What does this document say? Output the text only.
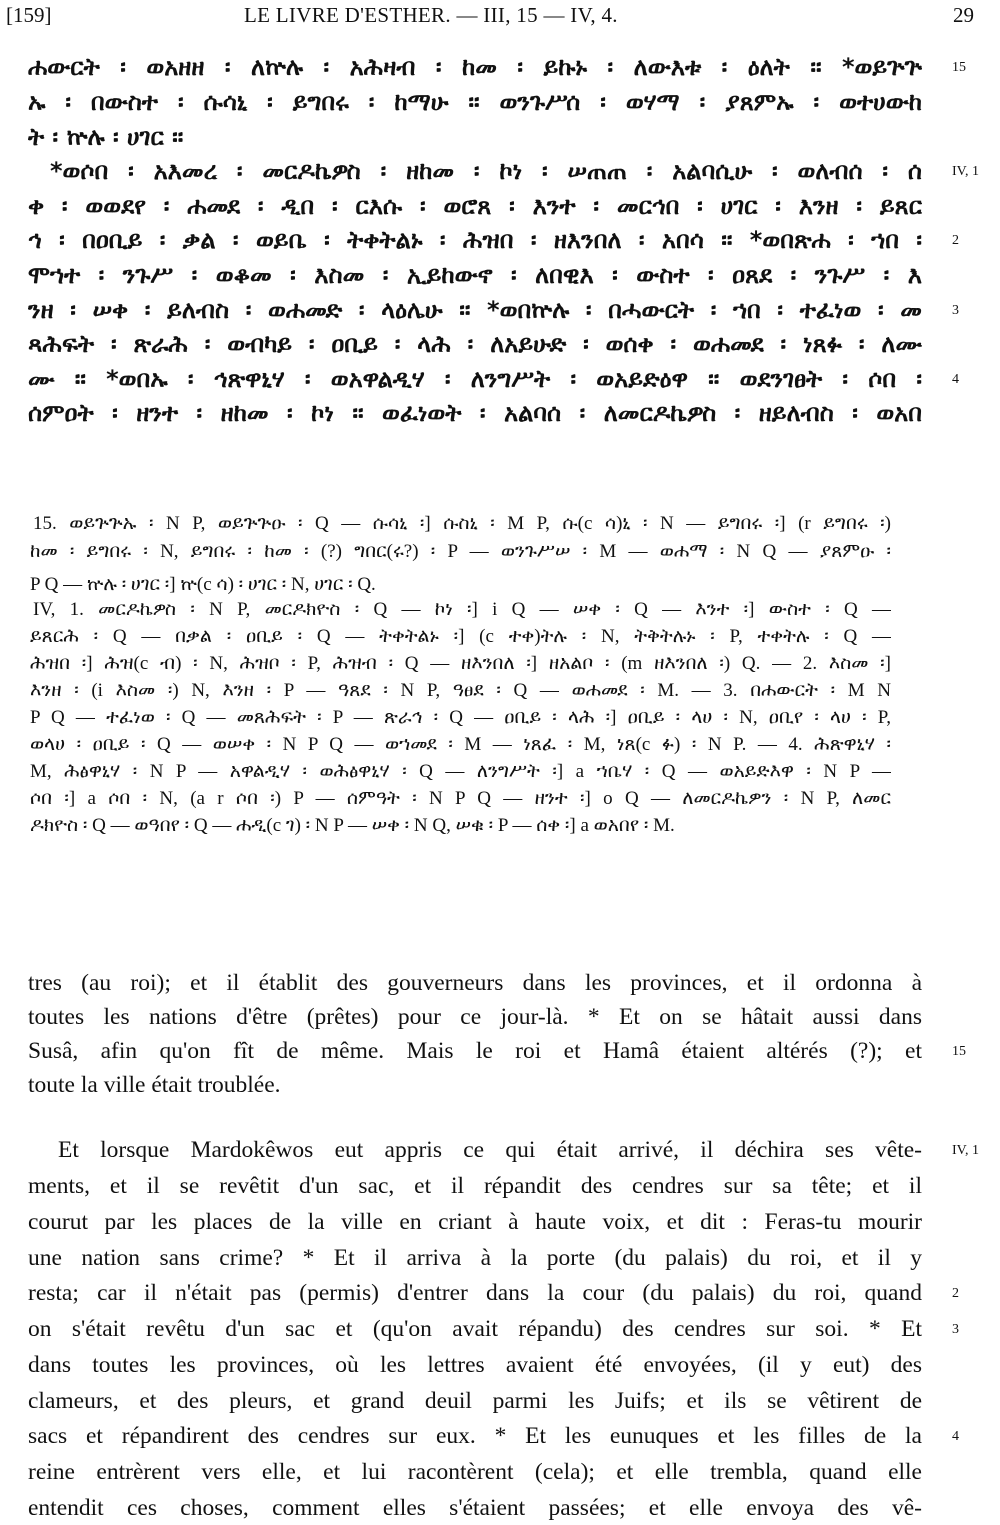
[159]	LE LIVRE D'ESTHER. — III, 15 — IV, 4.	29
ሐውርት ፡ ወአዘዘ ፡ ለኵሉ ፡ አሕዛብ ፡ ከመ ፡ ይኩኑ ፡ ለውእቱ ፡ ዕለት ። *ወይጕጕ
ኡ ፡ በውስተ ፡ ሱሳኒ ፡ ይግበሩ ፡ ከማሁ ። ወንጉሥሰ ፡ ወሃማ ፡ ያጸምኡ ፡ ወተሀውከ
ት ፡ ኵሉ ፡ ሀገር ።
*ወሶበ ፡ አእመረ ፡ መርዶኬዎስ ፡ ዘከመ ፡ ኮነ ፡ ሠጠጠ ፡ አልባሲሁ ፡ ወለብሰ ፡ ሰ
ቀ ፡ ወወደየ ፡ ሐመደ ፡ ዲበ ፡ ርእሱ ፡ ወሮጸ ፡ እንተ ፡ መርኅበ ፡ ሀገር ፡ እንዘ ፡ ይጸር
ኅ ፡ በዐቢይ ፡ ቃል ፡ ወይቤ ፡ ትቀትልኑ ፡ ሕዝበ ፡ ዘእንበለ ፡ አበሳ ። *ወበጽሐ ፡ ኀበ ፡
ሞኀተ ፡ ንጉሥ ፡ ወቆመ ፡ እስመ ፡ ኢይከውኖ ፡ ለበዊእ ፡ ውስተ ፡ ዐጸደ ፡ ንጉሥ ፡ እ
ንዘ ፡ ሠቀ ፡ ይለብስ ፡ ወሐመድ ፡ ላዕሌሁ ። *ወበኵሉ ፡ በሓውርት ፡ ኀበ ፡ ተፈነወ ፡ መ
ጻሕፍት ፡ ጽራሕ ፡ ወብካይ ፡ ዐቢይ ፡ ላሕ ፡ ለአይሁድ ፡ ወሰቀ ፡ ወሐመደ ፡ ነጸፉ ፡ ለሙ
ሙ ። *ወበኡ ፡ ኅጽዋኒሃ ፡ ወአዋልዲሃ ፡ ለንግሥት ፡ ወአይድዕዋ ። ወደንገፀት ፡ ሶበ ፡
ሰምዐት ፡ ዘንተ ፡ ዘከመ ፡ ኮነ ። ወፈነወት ፡ አልባሰ ፡ ለመርዶኬዎስ ፡ ዘይለብስ ፡ ወአበ
15
IV, 1
2
3
4
15. ወይጕጕኡ ፡ N P, ወይጕጕዑ ፡ Q — ሱሳኒ ፡] ሱስኒ ፡ M P, ሱ(c ሳ)ኒ ፡ N — ይግበሩ ፡] (r ይግበሩ ፡)
ከመ ፡ ይግበሩ ፡ N, ይግበሩ ፡ ከመ ፡ (?) ግበር(ሩ?) ፡ P — ወንጉሥሠ ፡ M — ወሐማ ፡ N Q — ያጸምዑ ፡
P Q — ኵሉ ፡ ሀገር ፡] ኵ(c ሳ) ፡ ሀገር ፡ N, ሀገር ፡ Q.
IV, 1. መርዶኬዎስ ፡ N P, መርዶክዮስ ፡ Q — ኮነ ፡] i Q — ሠቀ ፡ Q — እንተ ፡] ውስተ ፡ Q —
ይጸርሕ ፡ Q — በቃል ፡ ዐቢይ ፡ Q — ትቀትልኑ ፡] (c ተቀ)ትሉ ፡ N, ትቅትሉኑ ፡ P, ተቀትሉ ፡ Q —
ሕዝበ ፡] ሕዝ(c ብ) ፡ N, ሕዝቦ ፡ P, ሕዝብ ፡ Q — ዘእንበለ ፡] ዘአልቦ ፡ (m ዘእንበለ ፡) Q. — 2. እስመ ፡]
እንዘ ፡ (i እስመ ፡) N, እንዘ ፡ P — ዓጸደ ፡ N P, ዓፀደ ፡ Q — ወሐመደ ፡ M. — 3. በሐውርት ፡ M N
P Q — ተፈነወ ፡ Q — መጸሕፍት ፡ P — ጽራኅ ፡ Q — ዐቢይ ፡ ላሕ ፡] ዐቢይ ፡ ላሀ ፡ N, ዐቢየ ፡ ላሀ ፡ P,
ወላሀ ፡ ዐቢይ ፡ Q — ወሠቀ ፡ N P Q — ወኀመደ ፡ M — ነጸፈ ፡ M, ነጸ(c ፉ) ፡ N P. — 4. ሕጽዋኒሃ ፡
M, ሕፅዋኒሃ ፡ N P — አዋልዲሃ ፡ ወሕፅዋኒሃ ፡ Q — ለንግሥት ፡] a ኀቤሃ ፡ Q — ወአይድእዋ ፡ N P —
ሶበ ፡] a ሶበ ፡ N, (a r ሶበ ፡) P — ሰምዓት ፡ N P Q — ዘንተ ፡] o Q — ለመርዶኬዎን ፡ N P, ለመር
ዶክዮስ ፡ Q — ወዓበየ ፡ Q — ሐዲ(c ገ) ፡ N P — ሠቀ ፡ N Q, ሠቁ ፡ P — ሰቀ ፡] a ወአበየ ፡ M.
tres (au roi); et il établit des gouverneurs dans les provinces, et il ordonna à
toutes les nations d'être (prêtes) pour ce jour-là. * Et on se hâtait aussi dans
Susâ, afin qu'on fît de même. Mais le roi et Hamâ étaient altérés (?); et
toute la ville était troublée.
Et lorsque Mardokêwos eut appris ce qui était arrivé, il déchira ses vête-
ments, et il se revêtit d'un sac, et il répandit des cendres sur sa tête; et il
courut par les places de la ville en criant à haute voix, et dit : Feras-tu mourir
une nation sans crime? * Et il arriva à la porte (du palais) du roi, et il y
resta; car il n'était pas (permis) d'entrer dans la cour (du palais) du roi, quand
on s'était revêtu d'un sac et (qu'on avait répandu) des cendres sur soi. * Et
dans toutes les provinces, où les lettres avaient été envoyées, (il y eut) des
clameurs, et des pleurs, et grand deuil parmi les Juifs; et ils se vêtirent de
sacs et répandirent des cendres sur eux. * Et les eunuques et les filles de la
reine entrèrent vers elle, et lui racontèrent (cela); et elle trembla, quand elle
entendit ces choses, comment elles s'étaient passées; et elle envoya des vê-
15
IV, 1
2
3
4
